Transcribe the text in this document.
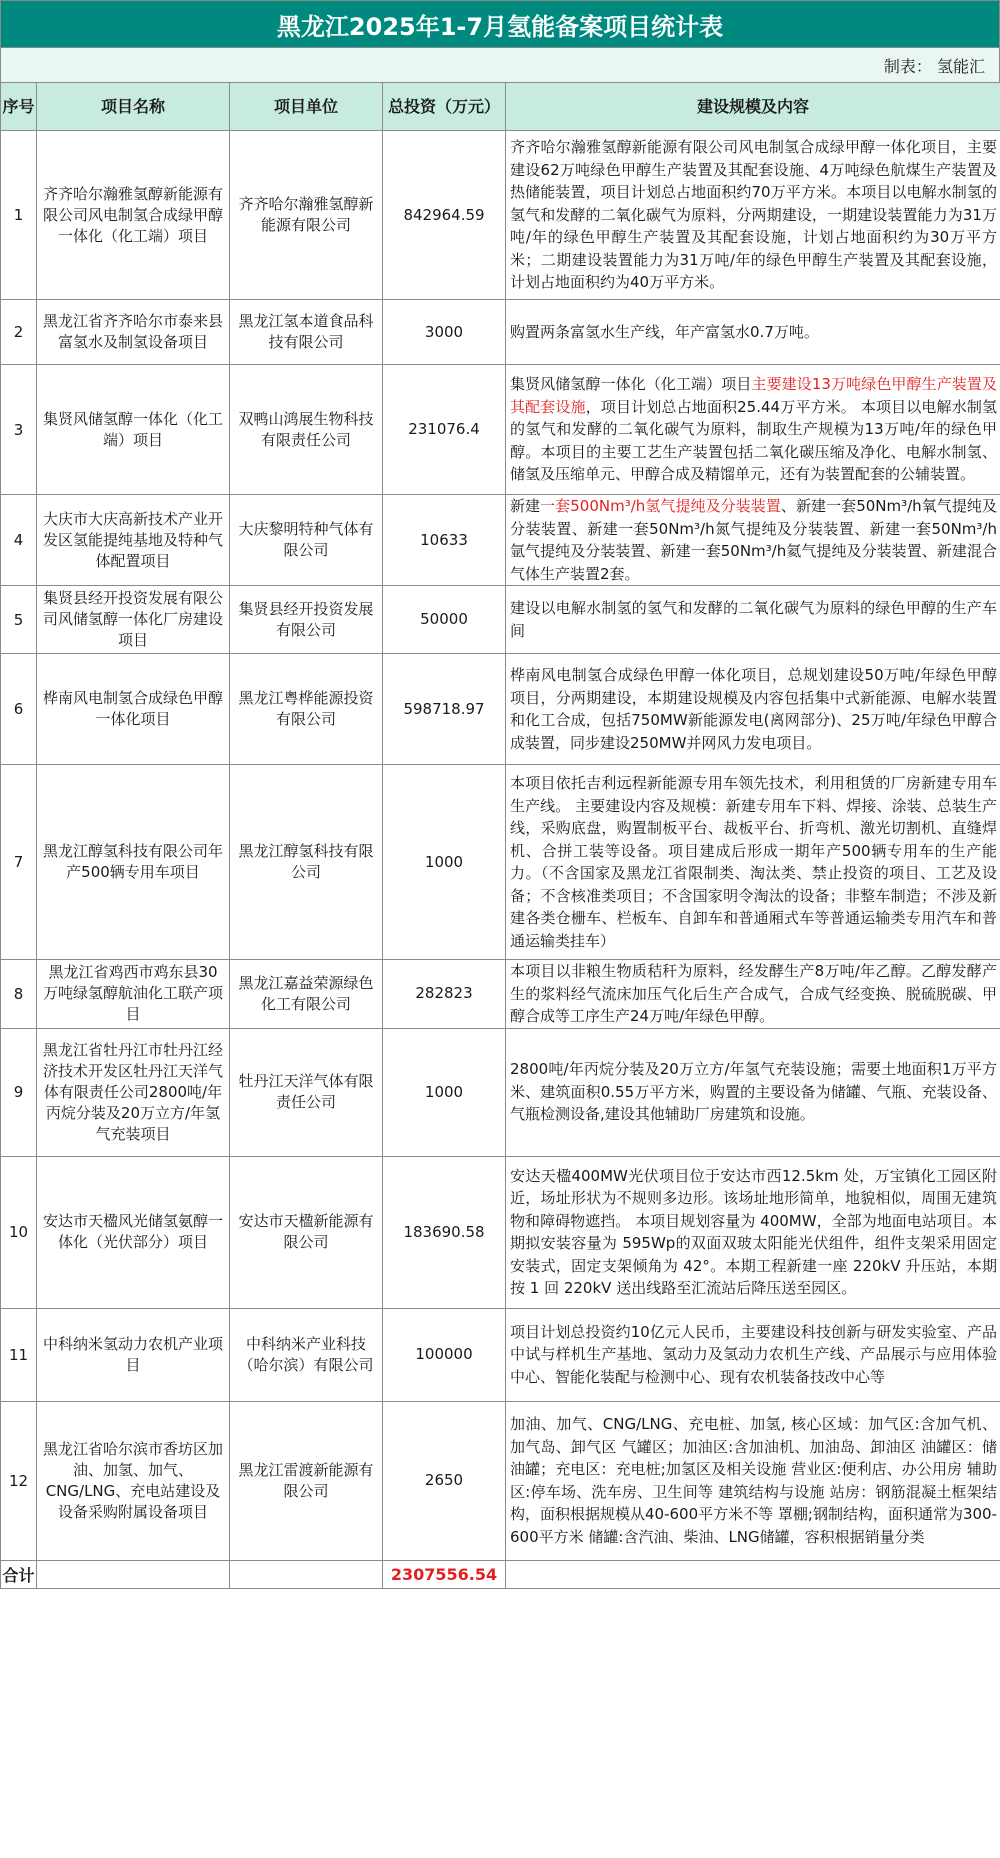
黑龙江2025年1-7月氢能备案项目统计表
制表： 氢能汇
序号	项目名称	项目单位	总投资（万元）	建设规模及内容
1	齐齐哈尔瀚雅氢醇新能源有限公司风电制氢合成绿甲醇一体化（化工端）项目	齐齐哈尔瀚雅氢醇新能源有限公司	842964.59	齐齐哈尔瀚雅氢醇新能源有限公司风电制氢合成绿甲醇一体化项目，主要建设62万吨绿色甲醇生产装置及其配套设施、4万吨绿色航煤生产装置及热储能装置，项目计划总占地面积约70万平方米。本项目以电解水制氢的氢气和发酵的二氧化碳气为原料，分两期建设，一期建设装置能力为31万吨/年的绿色甲醇生产装置及其配套设施，计划占地面积约为30万平方米；二期建设装置能力为31万吨/年的绿色甲醇生产装置及其配套设施，计划占地面积约为40万平方米。
2	黑龙江省齐齐哈尔市泰来县富氢水及制氢设备项目	黑龙江氢本道食品科技有限公司	3000	购置两条富氢水生产线，年产富氢水0.7万吨。
3	集贤风储氢醇一体化（化工端）项目	双鸭山鸿展生物科技有限责任公司	231076.4	集贤风储氢醇一体化（化工端）项目主要建设13万吨绿色甲醇生产装置及其配套设施，项目计划总占地面积25.44万平方米。 本项目以电解水制氢的氢气和发酵的二氧化碳气为原料，制取生产规模为13万吨/年的绿色甲醇。本项目的主要工艺生产装置包括二氧化碳压缩及净化、电解水制氢、储氢及压缩单元、甲醇合成及精馏单元，还有为装置配套的公辅装置。
4	大庆市大庆高新技术产业开发区氢能提纯基地及特种气体配置项目	大庆黎明特种气体有限公司	10633	新建一套500Nm³/h氢气提纯及分装装置、新建一套50Nm³/h氧气提纯及分装装置、新建一套50Nm³/h氮气提纯及分装装置、新建一套50Nm³/h氩气提纯及分装装置、新建一套50Nm³/h氦气提纯及分装装置、新建混合气体生产装置2套。
5	集贤县经开投资发展有限公司风储氢醇一体化厂房建设项目	集贤县经开投资发展有限公司	50000	建设以电解水制氢的氢气和发酵的二氧化碳气为原料的绿色甲醇的生产车间
6	桦南风电制氢合成绿色甲醇一体化项目	黑龙江粤桦能源投资有限公司	598718.97	桦南风电制氢合成绿色甲醇一体化项目，总规划建设50万吨/年绿色甲醇项目，分两期建设，本期建设规模及内容包括集中式新能源、电解水装置和化工合成，包括750MW新能源发电(离网部分)、25万吨/年绿色甲醇合成装置，同步建设250MW并网风力发电项目。
7	黑龙江醇氢科技有限公司年产500辆专用车项目	黑龙江醇氢科技有限公司	1000	本项目依托吉利远程新能源专用车领先技术，利用租赁的厂房新建专用车生产线。 主要建设内容及规模：新建专用车下料、焊接、涂装、总装生产线，采购底盘，购置制板平台、裁板平台、折弯机、激光切割机、直缝焊机、合拼工装等设备。项目建成后形成一期年产500辆专用车的生产能力。（不含国家及黑龙江省限制类、淘汰类、禁止投资的项目、工艺及设备；不含核准类项目；不含国家明令淘汰的设备；非整车制造；不涉及新建各类仓栅车、栏板车、自卸车和普通厢式车等普通运输类专用汽车和普通运输类挂车）
8	黑龙江省鸡西市鸡东县30万吨绿氢醇航油化工联产项目	黑龙江嘉益荣源绿色化工有限公司	282823	本项目以非粮生物质秸秆为原料，经发酵生产8万吨/年乙醇。乙醇发酵产生的浆料经气流床加压气化后生产合成气，合成气经变换、脱硫脱碳、甲醇合成等工序生产24万吨/年绿色甲醇。
9	黑龙江省牡丹江市牡丹江经济技术开发区牡丹江天洋气体有限责任公司2800吨/年丙烷分装及20万立方/年氢气充装项目	牡丹江天洋气体有限责任公司	1000	2800吨/年丙烷分装及20万立方/年氢气充装设施；需要土地面积1万平方米、建筑面积0.55万平方米，购置的主要设备为储罐、气瓶、充装设备、气瓶检测设备,建设其他辅助厂房建筑和设施。
10	安达市天楹风光储氢氨醇一体化（光伏部分）项目	安达市天楹新能源有限公司	183690.58	安达天楹400MW光伏项目位于安达市西12.5km 处，万宝镇化工园区附近，场址形状为不规则多边形。该场址地形简单，地貌相似，周围无建筑物和障碍物遮挡。 本项目规划容量为 400MW，全部为地面电站项目。本期拟安装容量为 595Wp的双面双玻太阳能光伏组件，组件支架采用固定安装式，固定支架倾角为 42°。本期工程新建一座 220kV 升压站，本期按 1 回 220kV 送出线路至汇流站后降压送至园区。
11	中科纳米氢动力农机产业项目	中科纳米产业科技（哈尔滨）有限公司	100000	项目计划总投资约10亿元人民币，主要建设科技创新与研发实验室、产品中试与样机生产基地、氢动力及氢动力农机生产线、产品展示与应用体验中心、智能化装配与检测中心、现有农机装备技改中心等
12	黑龙江省哈尔滨市香坊区加油、加氢、加气、CNG/LNG、充电站建设及设备采购附属设备项目	黑龙江雷渡新能源有限公司	2650	加油、加气、CNG/LNG、充电桩、加氢, 核心区域：加气区:含加气机、加气岛、卸气区 气罐区；加油区:含加油机、加油岛、卸油区 油罐区：储油罐；充电区：充电桩;加氢区及相关设施 营业区:便利店、办公用房 辅助区:停车场、洗车房、卫生间等 建筑结构与设施 站房：钢筋混凝土框架结构，面积根据规模从40-600平方米不等 罩棚;钢制结构，面积通常为300-600平方米 储罐:含汽油、柴油、LNG储罐，容积根据销量分类
合计			2307556.54	
